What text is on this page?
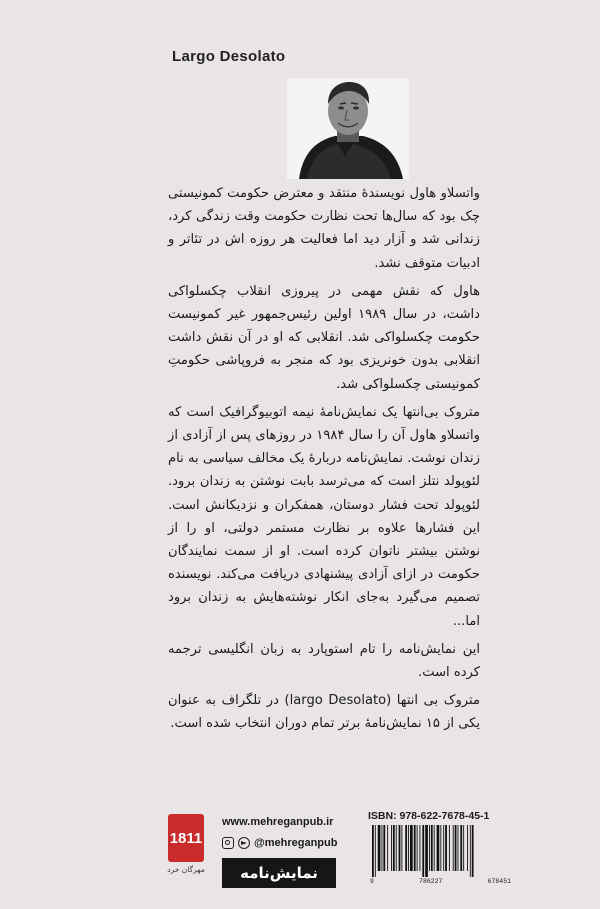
Largo Desolato

واتسلاو هاول نویسندهٔ منتقد و معترض حکومت کمونیستی چک بود که سال‌ها تحت نظارت حکومت وقت زندگی کرد، زندانی شد و آزار دید اما فعالیت هر روزه اش در تئاتر و ادبیات متوقف نشد.

هاول که نقش مهمی در پیروزی انقلاب چکسلواکی داشت، در سال ۱۹۸۹ اولین رئیس‌جمهور غیر کمونیست حکومت چکسلواکی شد. انقلابی که او در آن نقش داشت انقلابی بدون خونریزی بود که منجر به فروپاشی حکومتِ کمونیستی چکسلواکی شد.

متروک بی‌انتها یک نمایش‌نامهٔ نیمه اتوبیوگرافیک است که واتسلاو هاول آن را سال ۱۹۸۴ در روزهای پس از آزادی از زندان نوشت. نمایش‌نامه دربارهٔ یک مخالف سیاسی به نام لئوپولد نتلز است که می‌ترسد بابت نوشتن به زندان برود. لئوپولد تحت فشار دوستان، همفکران و نزدیکانش است. این فشارها علاوه بر نظارت مستمر دولتی، او را از نوشتن بیشتر ناتوان کرده است. او از سمت نمایندگان حکومت در ازای آزادی پیشنهادی دریافت می‌کند. نویسنده تصمیم می‌گیرد به‌جای انکار نوشته‌هایش به زندان برود اما...

این نمایش‌نامه را تام استوپارد به زبان انگلیسی ترجمه کرده است.

متروک بی انتها (largo Desolato) در تلگراف به عنوان یکی از ۱۵ نمایش‌نامهٔ برتر تمام دوران انتخاب شده است.

1811
مهرگان خرد
www.mehreganpub.ir
@mehreganpub
نمایش‌نامه
ISBN: 978-622-7678-45-1
9	786227	678451
